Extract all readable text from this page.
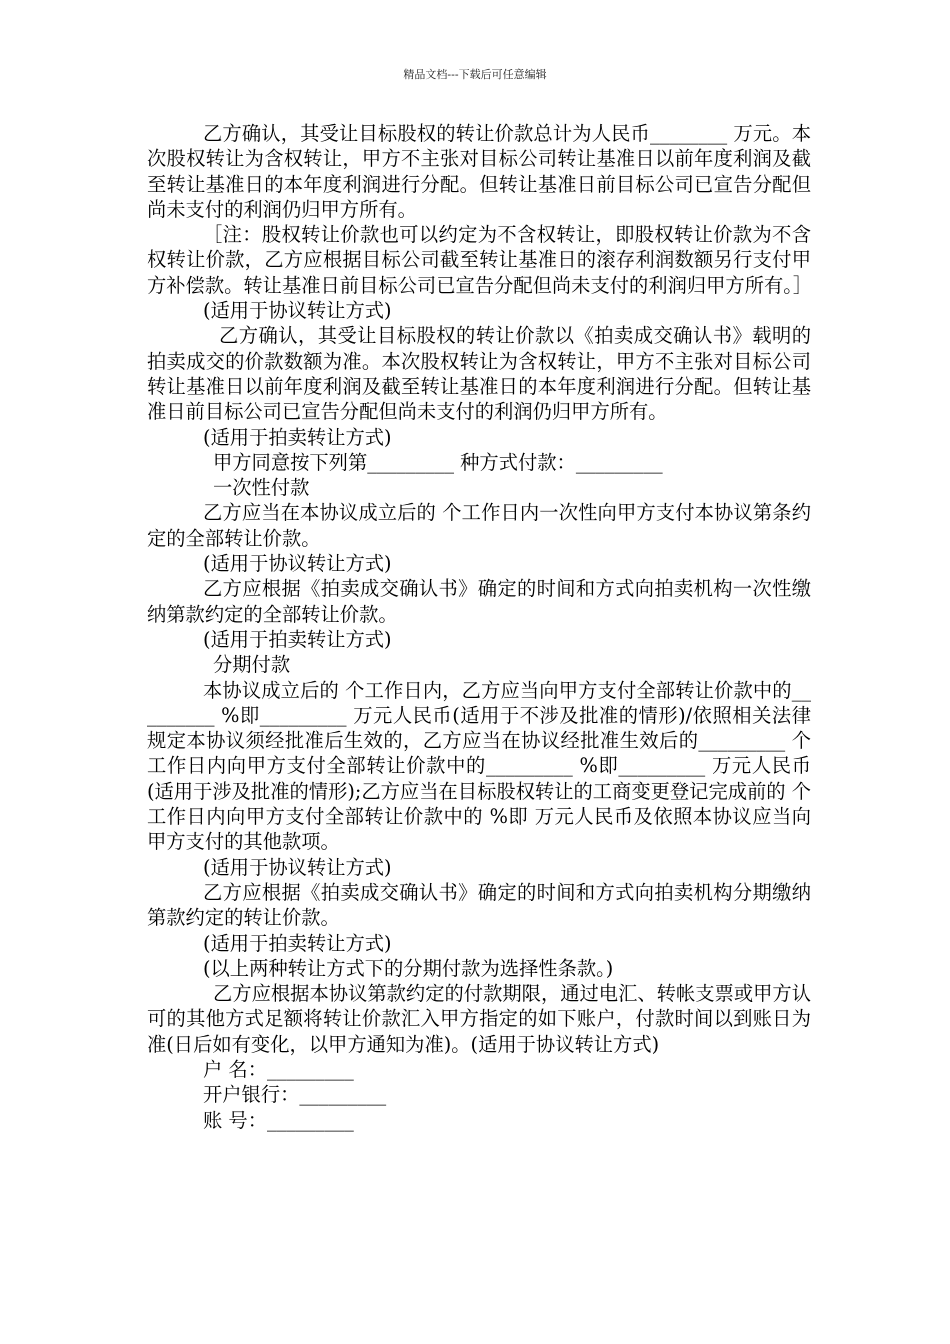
精品文档---下载后可任意编辑

乙方确认，其受让目标股权的转让价款总计为人民币________ 万元。本次股权转让为含权转让，甲方不主张对目标公司转让基准日以前年度利润及截至转让基准日的本年度利润进行分配。但转让基准日前目标公司已宣告分配但尚未支付的利润仍归甲方所有。

［注：股权转让价款也可以约定为不含权转让，即股权转让价款为不含权转让价款，乙方应根据目标公司截至转让基准日的滚存利润数额另行支付甲方补偿款。转让基准日前目标公司已宣告分配但尚未支付的利润归甲方所有。］

(适用于协议转让方式)

乙方确认，其受让目标股权的转让价款以《拍卖成交确认书》载明的拍卖成交的价款数额为准。本次股权转让为含权转让，甲方不主张对目标公司转让基准日以前年度利润及截至转让基准日的本年度利润进行分配。但转让基准日前目标公司已宣告分配但尚未支付的利润仍归甲方所有。

(适用于拍卖转让方式)

甲方同意按下列第_________ 种方式付款：_________

一次性付款

乙方应当在本协议成立后的 个工作日内一次性向甲方支付本协议第条约定的全部转让价款。

(适用于协议转让方式)

乙方应根据《拍卖成交确认书》确定的时间和方式向拍卖机构一次性缴纳第款约定的全部转让价款。

(适用于拍卖转让方式)

分期付款

本协议成立后的 个工作日内，乙方应当向甲方支付全部转让价款中的_________ %即_________ 万元人民币(适用于不涉及批准的情形)/依照相关法律规定本协议须经批准后生效的，乙方应当在协议经批准生效后的_________ 个工作日内向甲方支付全部转让价款中的_________ %即_________ 万元人民币(适用于涉及批准的情形);乙方应当在目标股权转让的工商变更登记完成前的 个工作日内向甲方支付全部转让价款中的 %即 万元人民币及依照本协议应当向甲方支付的其他款项。

(适用于协议转让方式)

乙方应根据《拍卖成交确认书》确定的时间和方式向拍卖机构分期缴纳第款约定的转让价款。

(适用于拍卖转让方式)

(以上两种转让方式下的分期付款为选择性条款。)

乙方应根据本协议第款约定的付款期限，通过电汇、转帐支票或甲方认可的其他方式足额将转让价款汇入甲方指定的如下账户，付款时间以到账日为准(日后如有变化，以甲方通知为准)。(适用于协议转让方式)

户 名：_________

开户银行：_________

账 号：_________
